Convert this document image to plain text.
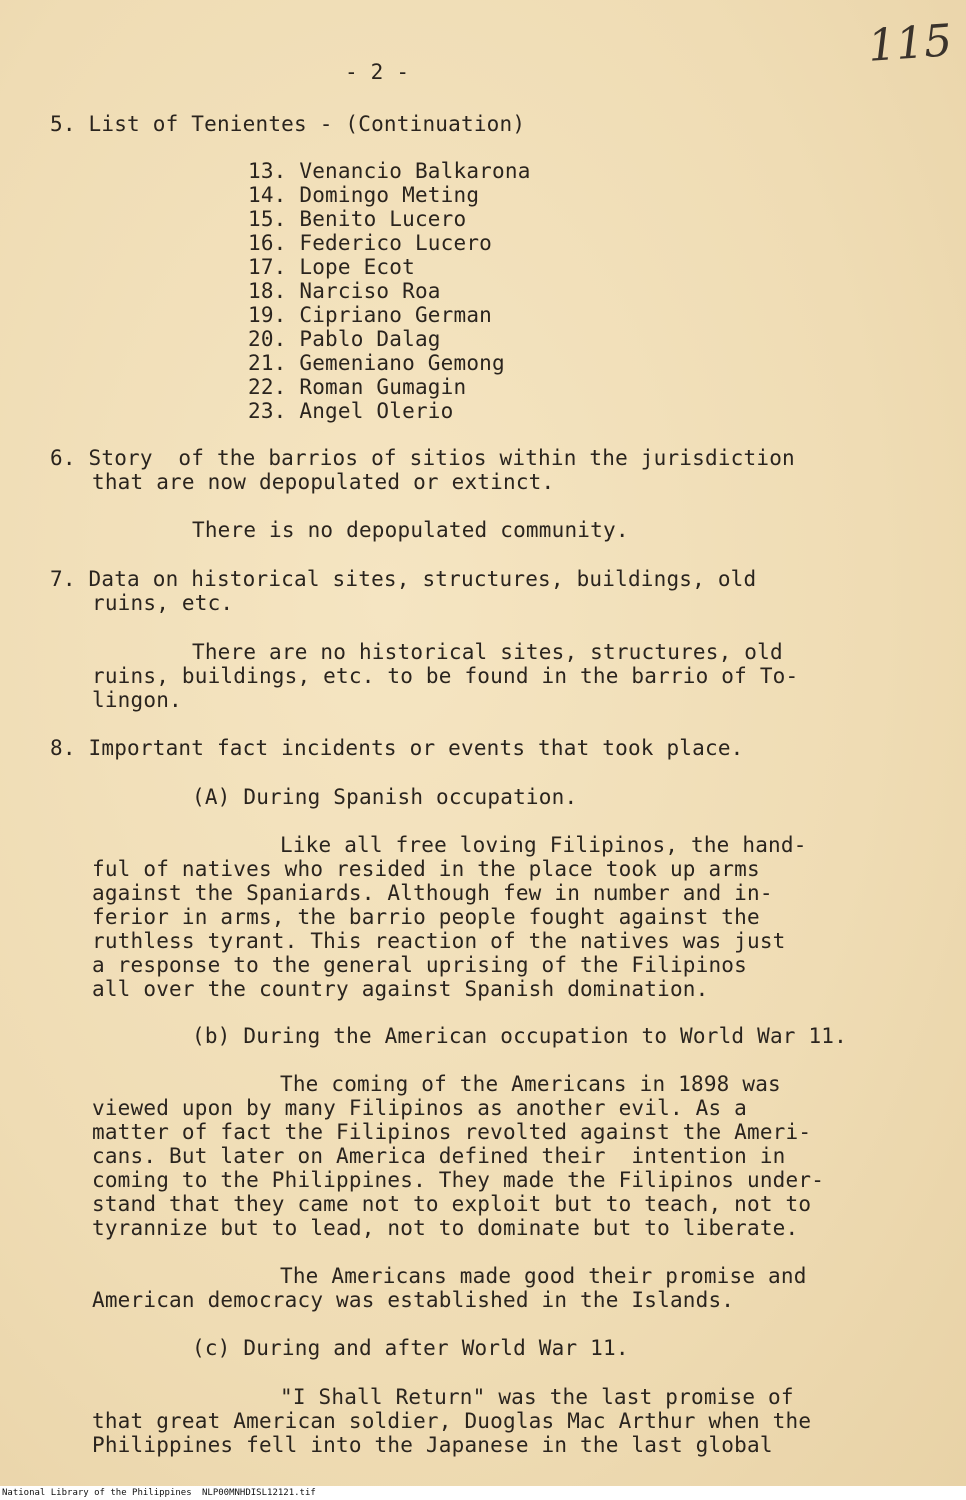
115
- 2 -
5. List of Tenientes - (Continuation)
13. Venancio Balkarona
14. Domingo Meting
15. Benito Lucero
16. Federico Lucero
17. Lope Ecot
18. Narciso Roa
19. Cipriano German
20. Pablo Dalag
21. Gemeniano Gemong
22. Roman Gumagin
23. Angel Olerio
6. Story  of the barrios of sitios within the jurisdiction
that are now depopulated or extinct.
There is no depopulated community.
7. Data on historical sites, structures, buildings, old
ruins, etc.
There are no historical sites, structures, old
ruins, buildings, etc. to be found in the barrio of To-
lingon.
8. Important fact incidents or events that took place.
(A) During Spanish occupation.
Like all free loving Filipinos, the hand-
ful of natives who resided in the place took up arms
against the Spaniards. Although few in number and in-
ferior in arms, the barrio people fought against the
ruthless tyrant. This reaction of the natives was just
a response to the general uprising of the Filipinos
all over the country against Spanish domination.
(b) During the American occupation to World War 11.
The coming of the Americans in 1898 was
viewed upon by many Filipinos as another evil. As a
matter of fact the Filipinos revolted against the Ameri-
cans. But later on America defined their  intention in
coming to the Philippines. They made the Filipinos under-
stand that they came not to exploit but to teach, not to
tyrannize but to lead, not to dominate but to liberate.
The Americans made good their promise and
American democracy was established in the Islands.
(c) During and after World War 11.
"I Shall Return" was the last promise of
that great American soldier, Duoglas Mac Arthur when the
Philippines fell into the Japanese in the last global
National Library of the Philippines NLP00MNHDISL12121.tif
